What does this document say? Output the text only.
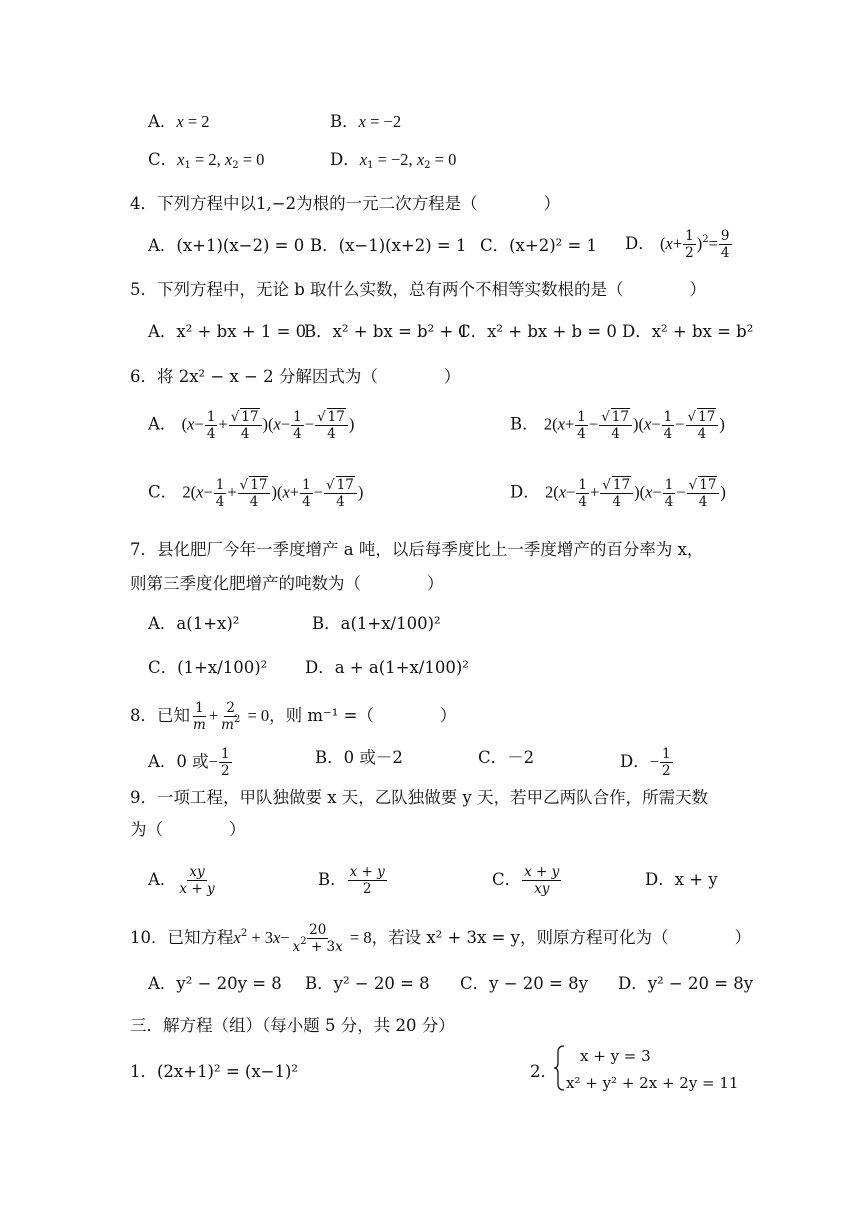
A．x = 2	B．x = −2
C．$x_1 = 2$, $x_2 = 0$	D．$x_1 = -2$, $x_2 = 0$
4．下列方程中以1,−2为根的一元二次方程是（　　　　）
A．(x+1)(x−2) = 0 B．(x−1)(x+2) = 1 C．(x+2)² = 1 D． $(x+ \frac{1}{2} )^2= \frac{9}{4}$
5．下列方程中，无论 b 取什么实数，总有两个不相等实数根的是（　　　　）
A．x² + bx + 1 = 0
B．x² + bx = b² + 1
C．x² + bx + b = 0 D．x² + bx = b²
6．将 2x² − x − 2 分解因式为（　　　　）
A． $(x- \frac{1}{4} + \frac{√ 17}{4} )(x- \frac{1}{4} - \frac{√ 17}{4}$ )	B． $2(x+ \frac{1}{4} - \frac{√ 17}{4} )(x- \frac{1}{4} - \frac{√ 17}{4}$ )
C． $2(x- \frac{1}{4} + \frac{√ 17}{4} )(x+ \frac{1}{4} - \frac{√ 17}{4}$ )	D． $2(x- \frac{1}{4} + \frac{√ 17}{4} )(x- \frac{1}{4} - \frac{√ 17}{4}$ )
7．县化肥厂今年一季度增产 a 吨，以后每季度比上一季度增产的百分率为 x，
则第三季度化肥增产的吨数为（　　　　）
A．a(1+x)²	B．a(1+x/100)²
C．(1+x/100)² D．a + a(1+x/100)²
8．已知 $\frac{1}{m} + \frac{2}{m^2} = 0$，则 m⁻¹ =（　　　　）
A．0 或− $\frac{1}{2}$	B．0 或－2	C．－2	D．− $\frac{1}{2}$
9．一项工程，甲队独做要 x 天，乙队独做要 y 天，若甲乙两队合作，所需天数
为（　　　　）
A． $\frac{xy}{x + y}$	B． $\frac{x + y}{2}$	C． $\frac{x + y}{xy}$	D．x + y
10．已知方程$x^2 + 3x- \frac{20}{x^2 + 3x} = 8$，若设 x² + 3x = y，则原方程可化为（　　　　）
A．y² − 20y = 8 B．y² − 20 = 8 C．y − 20 = 8y D．y² − 20 = 8y
三．解方程（组）（每小题 5 分，共 20 分）
1．(2x+1)² = (x−1)²	2．
x + y = 3
x² + y² + 2x + 2y = 11
